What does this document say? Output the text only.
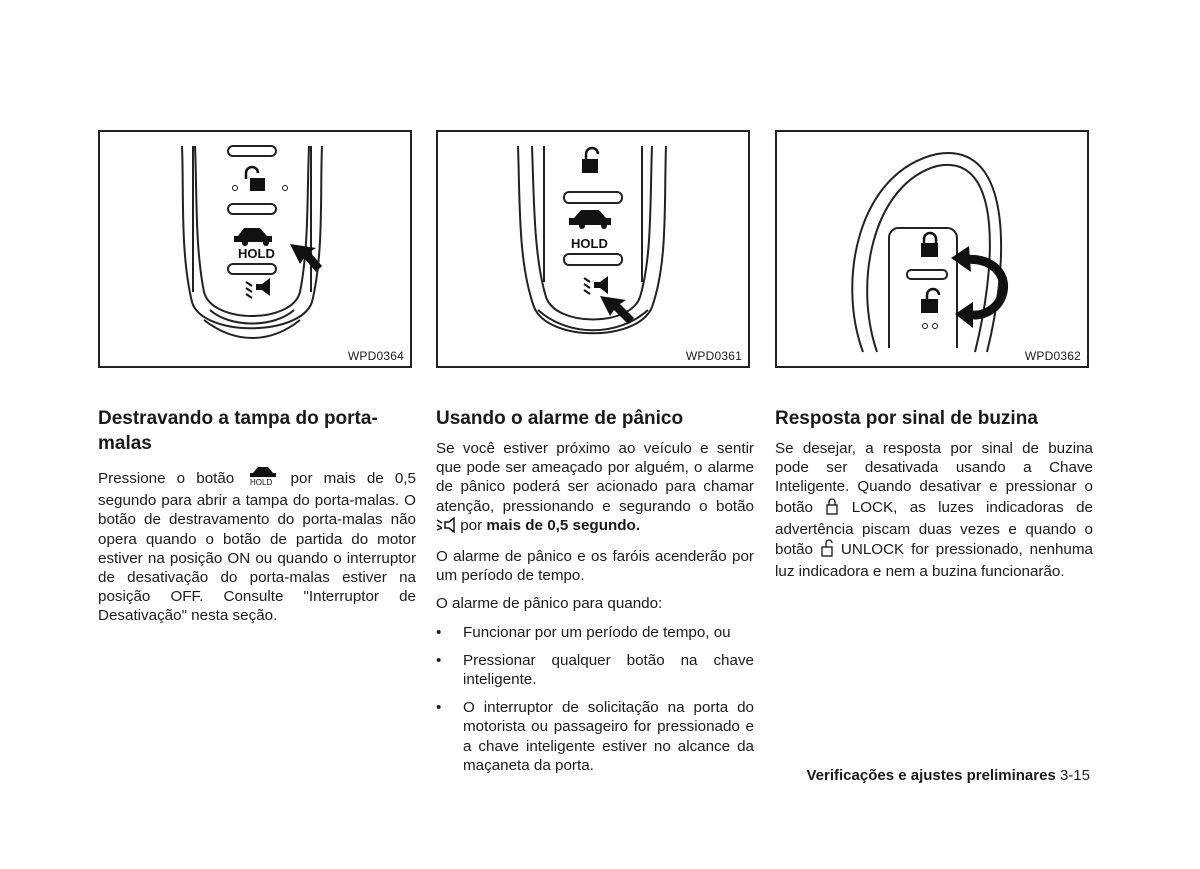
HOLD
WPD0364
HOLD
WPD0361	WPD0362
Destravando a tampa do porta-malas

Pressione o botão HOLD por mais de 0,5 segundo para abrir a tampa do porta-malas. O botão de destravamento do porta-malas não opera quando o botão de partida do motor estiver na posição ON ou quando o interruptor de desativação do porta-malas estiver na posição OFF. Consulte "Interruptor de Desativação" nesta seção.

Usando o alarme de pânico

Se você estiver próximo ao veículo e sentir que pode ser ameaçado por alguém, o alarme de pânico poderá ser acionado para chamar atenção, pressionando e segurando o botão  por mais de 0,5 segundo.

O alarme de pânico e os faróis acenderão por um período de tempo.

O alarme de pânico para quando:

• Funcionar por um período de tempo, ou
• Pressionar qualquer botão na chave inteligente.
• O interruptor de solicitação na porta do motorista ou passageiro for pressionado e a chave inteligente estiver no alcance da maçaneta da porta.
Resposta por sinal de buzina

Se desejar, a resposta por sinal de buzina pode ser desativada usando a Chave Inteligente. Quando desativar e pressionar o botão	LOCK, as luzes indicadoras de advertência piscam duas vezes e quando o botão UNLOCK for pressionado, nenhuma luz indicadora e nem a buzina funcionarão.

Verificações e ajustes preliminares 3-15
